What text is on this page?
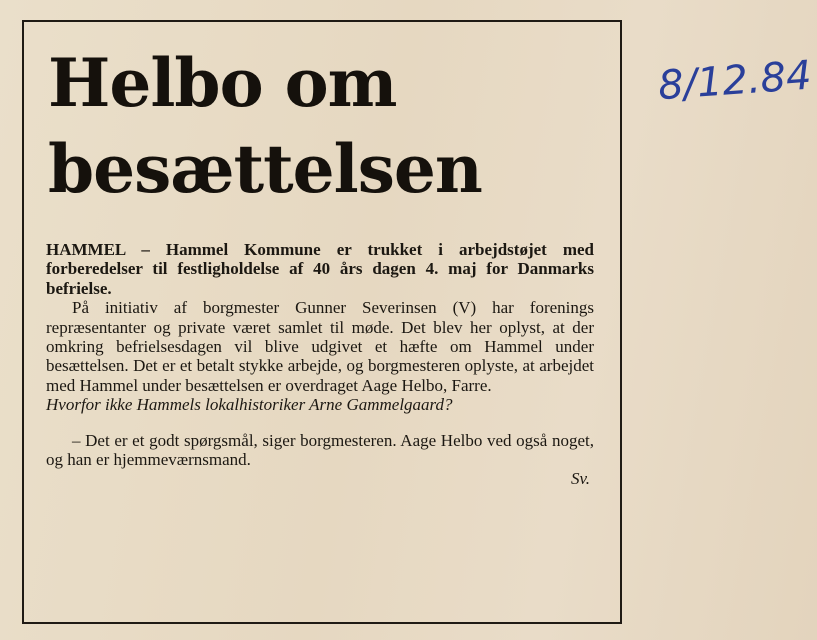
8/12.84
Helbo om
besættelsen

HAMMEL – Hammel Kommune er trukket i arbejdstøjet med forberedelser til festligholdelse af 40 års dagen 4. maj for Danmarks befrielse.

På initiativ af borgmester Gunner Severinsen (V) har forenings repræsentanter og private været samlet til møde. Det blev her oplyst, at der omkring befrielsesdagen vil blive udgivet et hæfte om Hammel under besættelsen. Det er et betalt stykke arbejde, og borgmesteren oplyste, at arbejdet med Hammel under besættelsen er overdraget Aage Helbo, Farre.

Hvorfor ikke Hammels lokalhistoriker Arne Gammelgaard?

– Det er et godt spørgsmål, siger borgmesteren. Aage Helbo ved også noget, og han er hjemmeværnsmand.

Sv.
